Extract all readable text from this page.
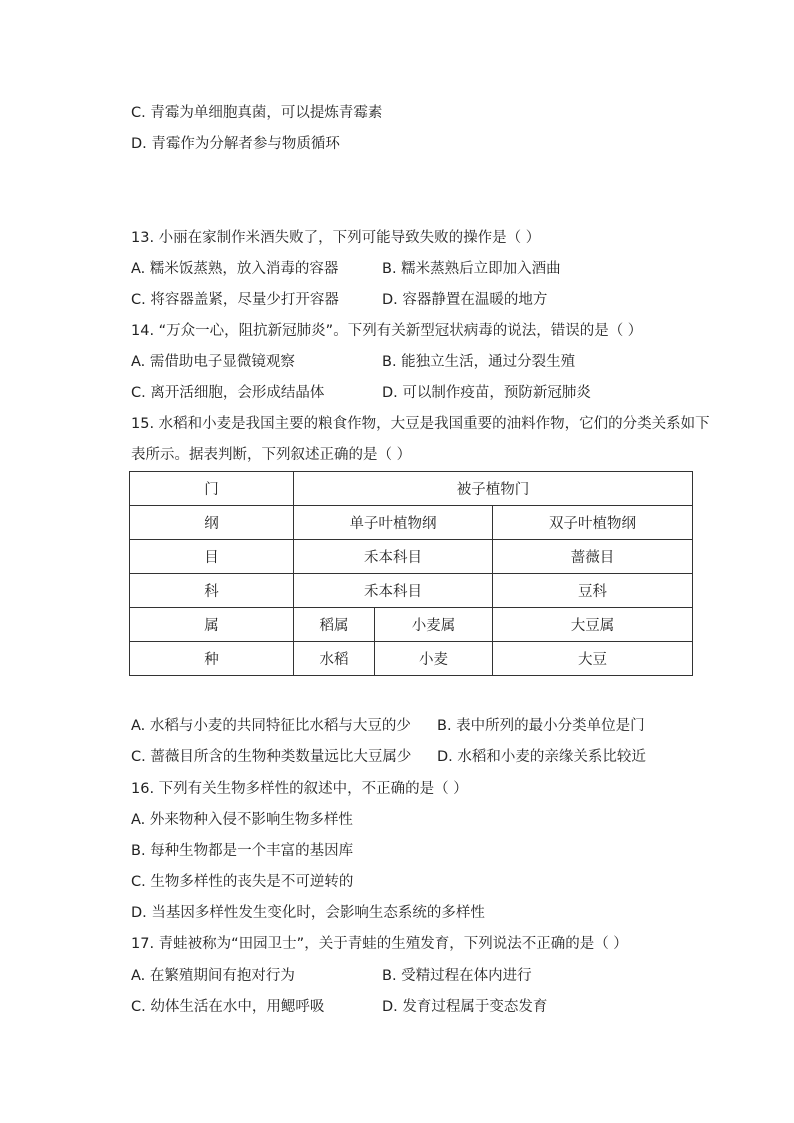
C. 青霉为单细胞真菌，可以提炼青霉素
D. 青霉作为分解者参与物质循环
13. 小丽在家制作米酒失败了，下列可能导致失败的操作是（ ）
A. 糯米饭蒸熟，放入消毒的容器	B. 糯米蒸熟后立即加入酒曲
C. 将容器盖紧，尽量少打开容器	D. 容器静置在温暖的地方
14. “万众一心，阻抗新冠肺炎”。下列有关新型冠状病毒的说法，错误的是（ ）
A. 需借助电子显微镜观察	B. 能独立生活，通过分裂生殖
C. 离开活细胞，会形成结晶体	D. 可以制作疫苗，预防新冠肺炎
15. 水稻和小麦是我国主要的粮食作物，大豆是我国重要的油料作物，它们的分类关系如下
表所示。据表判断，下列叙述正确的是（ ）
门	被子植物门		
纲	单子叶植物纲		双子叶植物纲
目	禾本科目		蔷薇目
科	禾本科目		豆科
属	稻属	小麦属	大豆属
种	水稻	小麦	大豆
A. 水稻与小麦的共同特征比水稻与大豆的少 B. 表中所列的最小分类单位是门
C. 蔷薇目所含的生物种类数量远比大豆属少 D. 水稻和小麦的亲缘关系比较近
16. 下列有关生物多样性的叙述中，不正确的是（ ）
A. 外来物种入侵不影响生物多样性
B. 每种生物都是一个丰富的基因库
C. 生物多样性的丧失是不可逆转的
D. 当基因多样性发生变化时，会影响生态系统的多样性
17. 青蛙被称为“田园卫士”，关于青蛙的生殖发育，下列说法不正确的是（ ）
A. 在繁殖期间有抱对行为	B. 受精过程在体内进行
C. 幼体生活在水中，用鳃呼吸	D. 发育过程属于变态发育
